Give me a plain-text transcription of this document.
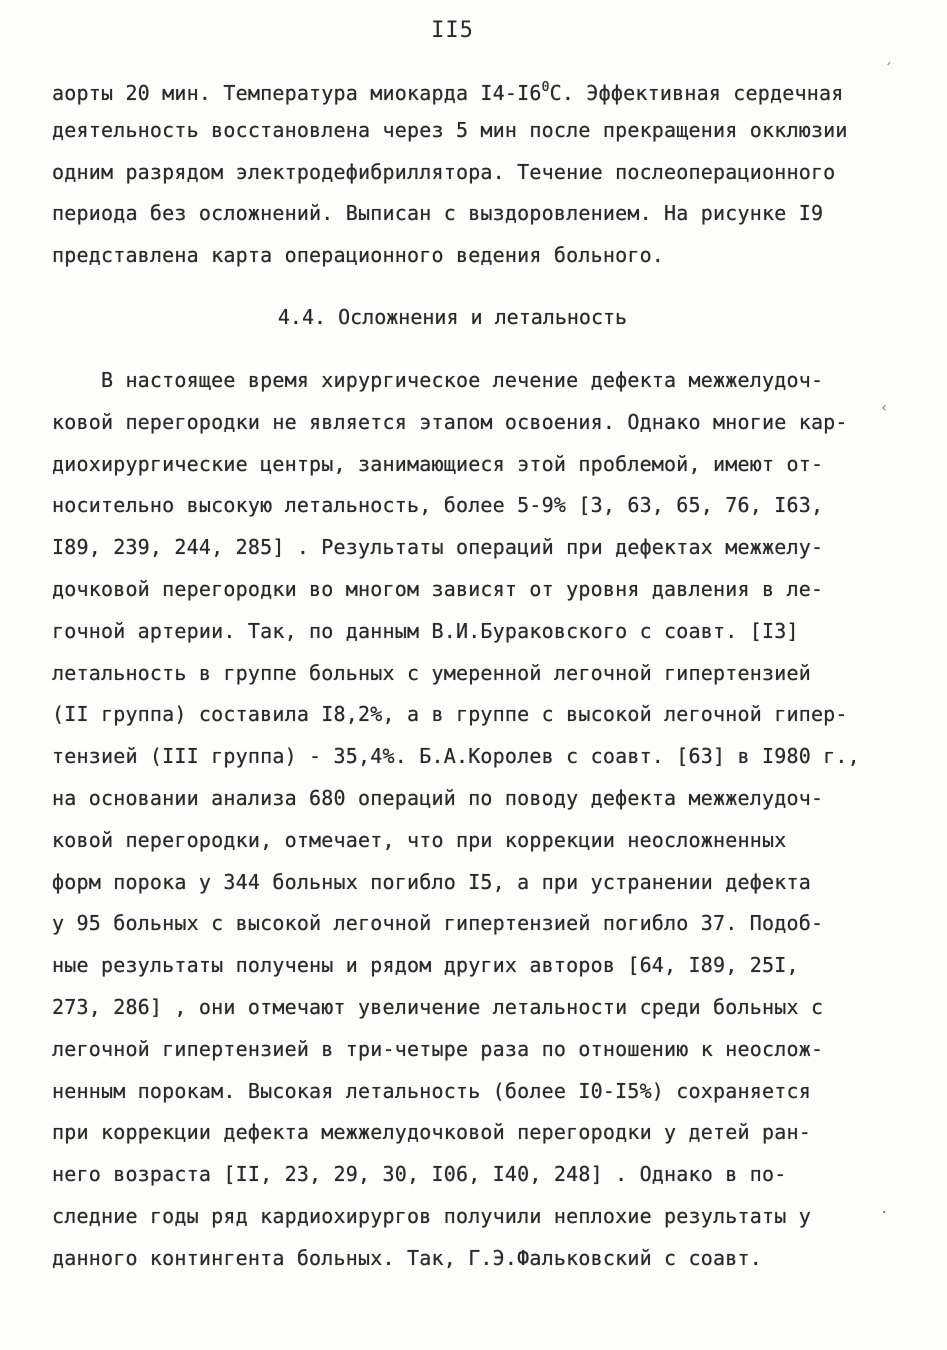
II5
аорты 20 мин. Температура миокарда $I4-I6^0С$. Эффективная сердечная
деятельность восстановлена через 5 мин после прекращения окклюзии
одним разрядом электродефибриллятора. Течение послеоперационного
периода без осложнений. Выписан с выздоровлением. На рисунке I9
представлена карта операционного ведения больного.
4.4. Осложнения и летальность
В настоящее время хирургическое лечение дефекта межжелудоч-
ковой перегородки не является этапом освоения. Однако многие кар-
диохирургические центры, занимающиеся этой проблемой, имеют от-
носительно высокую летальность, более 5-9% [3, 63, 65, 76, I63,
I89, 239, 244, 285] . Результаты операций при дефектах межжелу-
дочковой перегородки во многом зависят от уровня давления в ле-
гочной артерии. Так, по данным В.И.Бураковского с соавт. [I3]
летальность в группе больных с умеренной легочной гипертензией
(II группа) составила I8,2%, а в группе с высокой легочной гипер-
тензией (III группа) - 35,4%. Б.А.Королев с соавт. [63] в I980 г.,
на основании анализа 680 операций по поводу дефекта межжелудоч-
ковой перегородки, отмечает, что при коррекции неосложненных
форм порока у 344 больных погибло I5, а при устранении дефекта
у 95 больных с высокой легочной гипертензией погибло 37. Подоб-
ные результаты получены и рядом других авторов [64, I89, 25I,
273, 286] , они отмечают увеличение летальности среди больных с
легочной гипертензией в три-четыре раза по отношению к неослож-
ненным порокам. Высокая летальность (более I0-I5%) сохраняется
при коррекции дефекта межжелудочковой перегородки у детей ран-
него возраста [II, 23, 29, 30, I06, I40, 248] . Однако в по-
следние годы ряд кардиохирургов получили неплохие результаты у
данного контингента больных. Так, Г.Э.Фальковский с соавт.
´
‹
·
